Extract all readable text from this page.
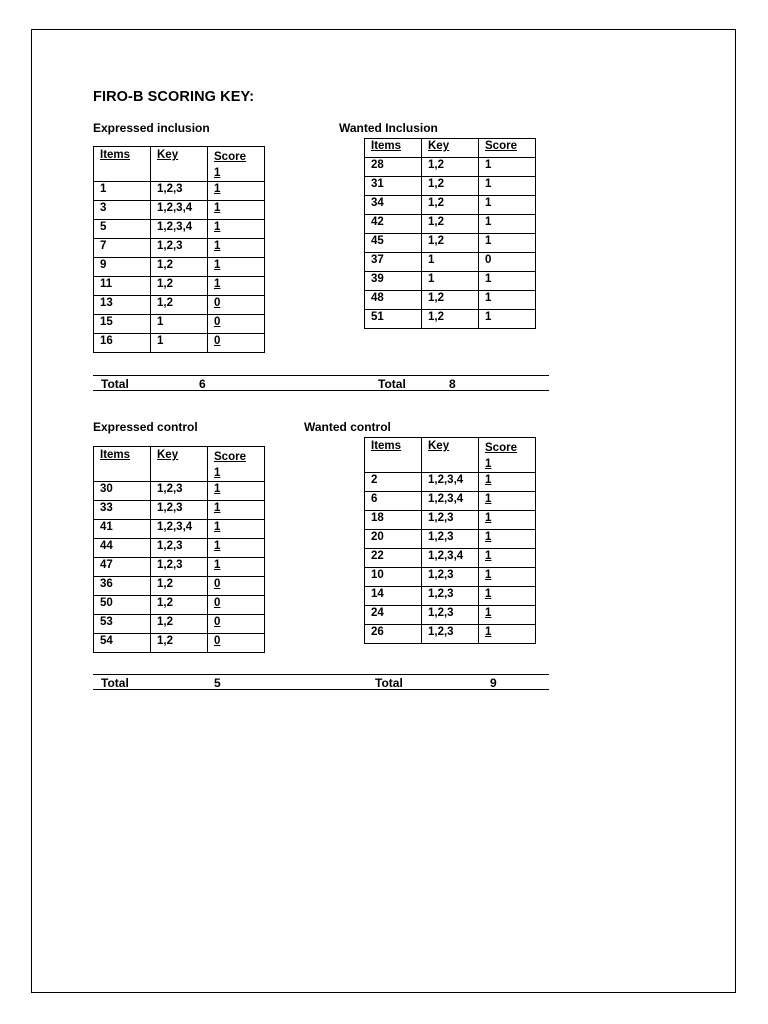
FIRO-B SCORING KEY:
Expressed inclusion
Items	Key	Score
1

1	1,2,3	1
3	1,2,3,4	1
5	1,2,3,4	1
7	1,2,3	1
9	1,2	1
11	1,2	1
13	1,2	0
15	1	0
16	1	0
Wanted Inclusion
Items	Key	Score
28	1,2	1
31	1,2	1
34	1,2	1
42	1,2	1
45	1,2	1
37	1	0
39	1	1
48	1,2	1
51	1,2	1
Total	6	Total	8
Expressed control
Items	Key	Score
1

30	1,2,3	1
33	1,2,3	1
41	1,2,3,4	1
44	1,2,3	1
47	1,2,3	1
36	1,2	0
50	1,2	0
53	1,2	0
54	1,2	0
Wanted control
Items	Key	Score
1

2	1,2,3,4	1
6	1,2,3,4	1
18	1,2,3	1
20	1,2,3	1
22	1,2,3,4	1
10	1,2,3	1
14	1,2,3	1
24	1,2,3	1
26	1,2,3	1
Total	5	Total	9
